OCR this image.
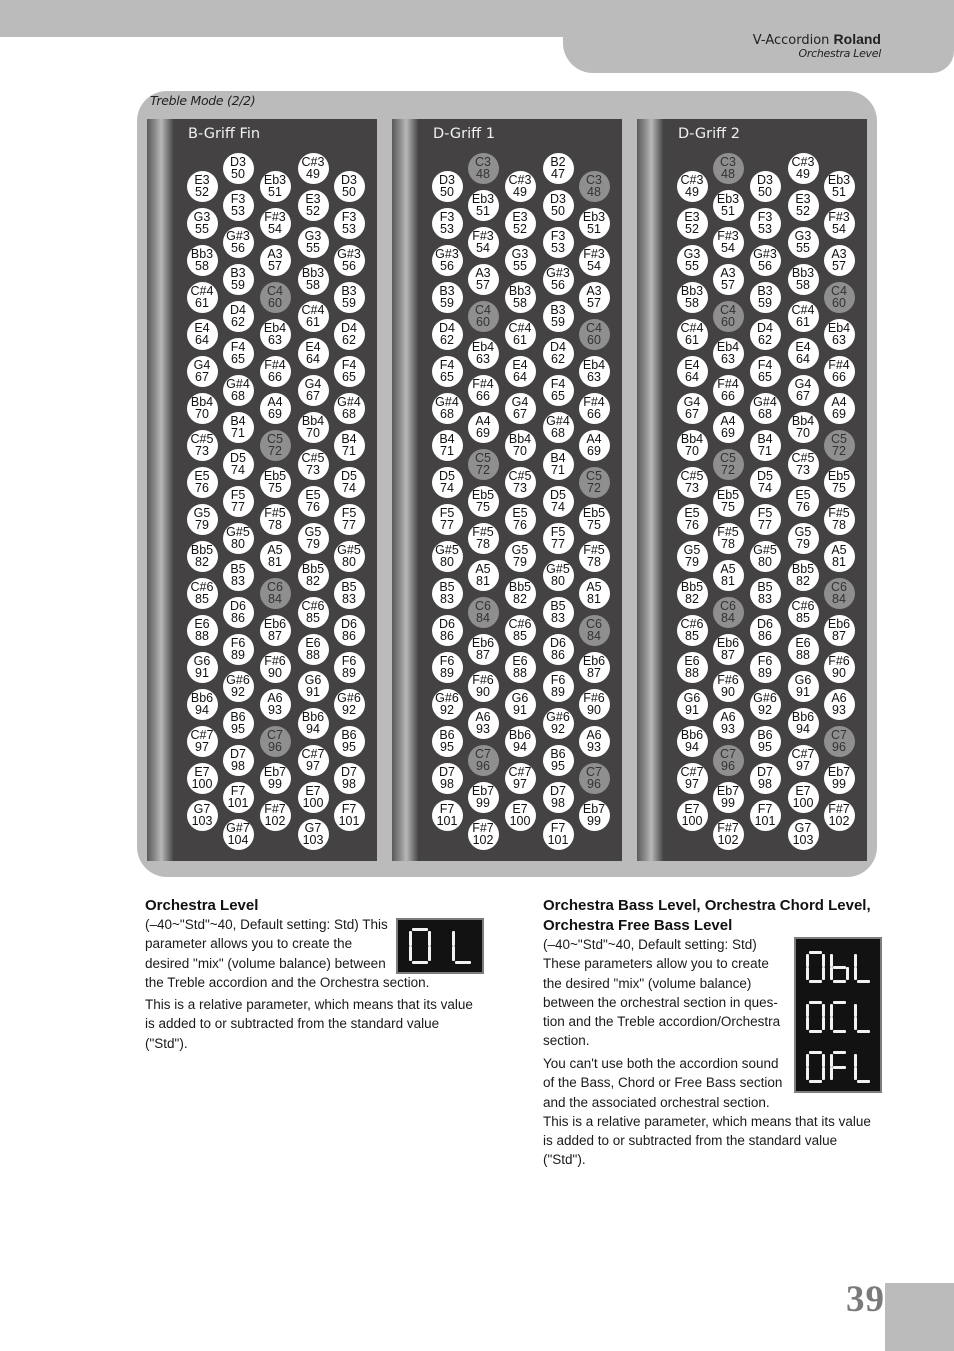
V-Accordion Roland
Orchestra Level
Treble Mode (2/2)
B-Griff Fin
E3
52
G3
55
Bb3
58
C#4
61
E4
64
G4
67
Bb4
70
C#5
73
E5
76
G5
79
Bb5
82
C#6
85
E6
88
G6
91
Bb6
94
C#7
97
E7
100
G7
103
D3
50
F3
53
G#3
56
B3
59
D4
62
F4
65
G#4
68
B4
71
D5
74
F5
77
G#5
80
B5
83
D6
86
F6
89
G#6
92
B6
95
D7
98
F7
101
G#7
104
Eb3
51
F#3
54
A3
57
C4
60
Eb4
63
F#4
66
A4
69
C5
72
Eb5
75
F#5
78
A5
81
C6
84
Eb6
87
F#6
90
A6
93
C7
96
Eb7
99
F#7
102
C#3
49
E3
52
G3
55
Bb3
58
C#4
61
E4
64
G4
67
Bb4
70
C#5
73
E5
76
G5
79
Bb5
82
C#6
85
E6
88
G6
91
Bb6
94
C#7
97
E7
100
G7
103
D3
50
F3
53
G#3
56
B3
59
D4
62
F4
65
G#4
68
B4
71
D5
74
F5
77
G#5
80
B5
83
D6
86
F6
89
G#6
92
B6
95
D7
98
F7
101
D-Griff 1
D3
50
F3
53
G#3
56
B3
59
D4
62
F4
65
G#4
68
B4
71
D5
74
F5
77
G#5
80
B5
83
D6
86
F6
89
G#6
92
B6
95
D7
98
F7
101
C3
48
Eb3
51
F#3
54
A3
57
C4
60
Eb4
63
F#4
66
A4
69
C5
72
Eb5
75
F#5
78
A5
81
C6
84
Eb6
87
F#6
90
A6
93
C7
96
Eb7
99
F#7
102
C#3
49
E3
52
G3
55
Bb3
58
C#4
61
E4
64
G4
67
Bb4
70
C#5
73
E5
76
G5
79
Bb5
82
C#6
85
E6
88
G6
91
Bb6
94
C#7
97
E7
100
B2
47
D3
50
F3
53
G#3
56
B3
59
D4
62
F4
65
G#4
68
B4
71
D5
74
F5
77
G#5
80
B5
83
D6
86
F6
89
G#6
92
B6
95
D7
98
F7
101
C3
48
Eb3
51
F#3
54
A3
57
C4
60
Eb4
63
F#4
66
A4
69
C5
72
Eb5
75
F#5
78
A5
81
C6
84
Eb6
87
F#6
90
A6
93
C7
96
Eb7
99
D-Griff 2
C#3
49
E3
52
G3
55
Bb3
58
C#4
61
E4
64
G4
67
Bb4
70
C#5
73
E5
76
G5
79
Bb5
82
C#6
85
E6
88
G6
91
Bb6
94
C#7
97
E7
100
C3
48
Eb3
51
F#3
54
A3
57
C4
60
Eb4
63
F#4
66
A4
69
C5
72
Eb5
75
F#5
78
A5
81
C6
84
Eb6
87
F#6
90
A6
93
C7
96
Eb7
99
F#7
102
D3
50
F3
53
G#3
56
B3
59
D4
62
F4
65
G#4
68
B4
71
D5
74
F5
77
G#5
80
B5
83
D6
86
F6
89
G#6
92
B6
95
D7
98
F7
101
C#3
49
E3
52
G3
55
Bb3
58
C#4
61
E4
64
G4
67
Bb4
70
C#5
73
E5
76
G5
79
Bb5
82
C#6
85
E6
88
G6
91
Bb6
94
C#7
97
E7
100
G7
103
Eb3
51
F#3
54
A3
57
C4
60
Eb4
63
F#4
66
A4
69
C5
72
Eb5
75
F#5
78
A5
81
C6
84
Eb6
87
F#6
90
A6
93
C7
96
Eb7
99
F#7
102
Orchestra Level
(–40~"Std"~40, Default setting: Std) This
parameter allows you to create the
desired "mix" (volume balance) between
the Treble accordion and the Orchestra section.
This is a relative parameter, which means that its value
is added to or subtracted from the standard value
("Std").
Orchestra Bass Level, Orchestra Chord Level,
Orchestra Free Bass Level
(–40~"Std"~40, Default setting: Std)
These parameters allow you to create
the desired "mix" (volume balance)
between the orchestral section in ques-
tion and the Treble accordion/Orchestra
section.
You can't use both the accordion sound
of the Bass, Chord or Free Bass section
and the associated orchestral section.
This is a relative parameter, which means that its value
is added to or subtracted from the standard value
("Std").
39
